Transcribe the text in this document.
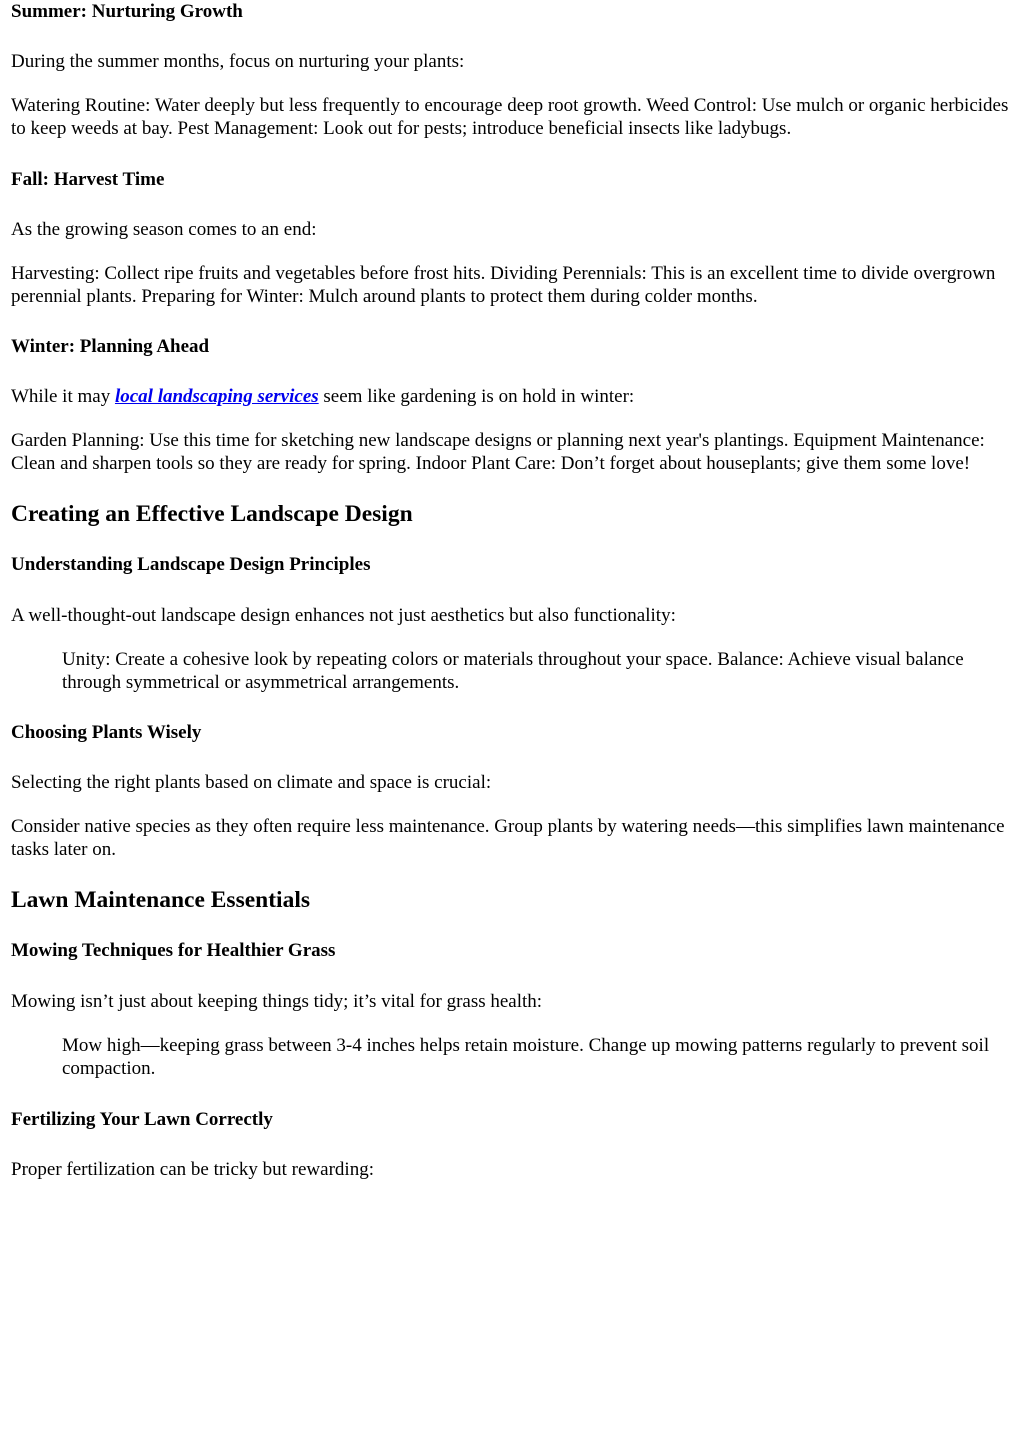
Summer: Nurturing Growth

During the summer months, focus on nurturing your plants:

Watering Routine: Water deeply but less frequently to encourage deep root growth. Weed Control: Use mulch or organic herbicides to keep weeds at bay. Pest Management: Look out for pests; introduce beneficial insects like ladybugs.

Fall: Harvest Time

As the growing season comes to an end:

Harvesting: Collect ripe fruits and vegetables before frost hits. Dividing Perennials: This is an excellent time to divide overgrown perennial plants. Preparing for Winter: Mulch around plants to protect them during colder months.

Winter: Planning Ahead

While it may local landscaping services seem like gardening is on hold in winter:

Garden Planning: Use this time for sketching new landscape designs or planning next year's plantings. Equipment Maintenance: Clean and sharpen tools so they are ready for spring. Indoor Plant Care: Don’t forget about houseplants; give them some love!

Creating an Effective Landscape Design
Understanding Landscape Design Principles

A well-thought-out landscape design enhances not just aesthetics but also functionality:

Unity: Create a cohesive look by repeating colors or materials throughout your space. Balance: Achieve visual balance through symmetrical or asymmetrical arrangements.
Choosing Plants Wisely

Selecting the right plants based on climate and space is crucial:

Consider native species as they often require less maintenance. Group plants by watering needs—this simplifies lawn maintenance tasks later on.

Lawn Maintenance Essentials
Mowing Techniques for Healthier Grass

Mowing isn’t just about keeping things tidy; it’s vital for grass health:

Mow high—keeping grass between 3-4 inches helps retain moisture. Change up mowing patterns regularly to prevent soil compaction.
Fertilizing Your Lawn Correctly

Proper fertilization can be tricky but rewarding:
